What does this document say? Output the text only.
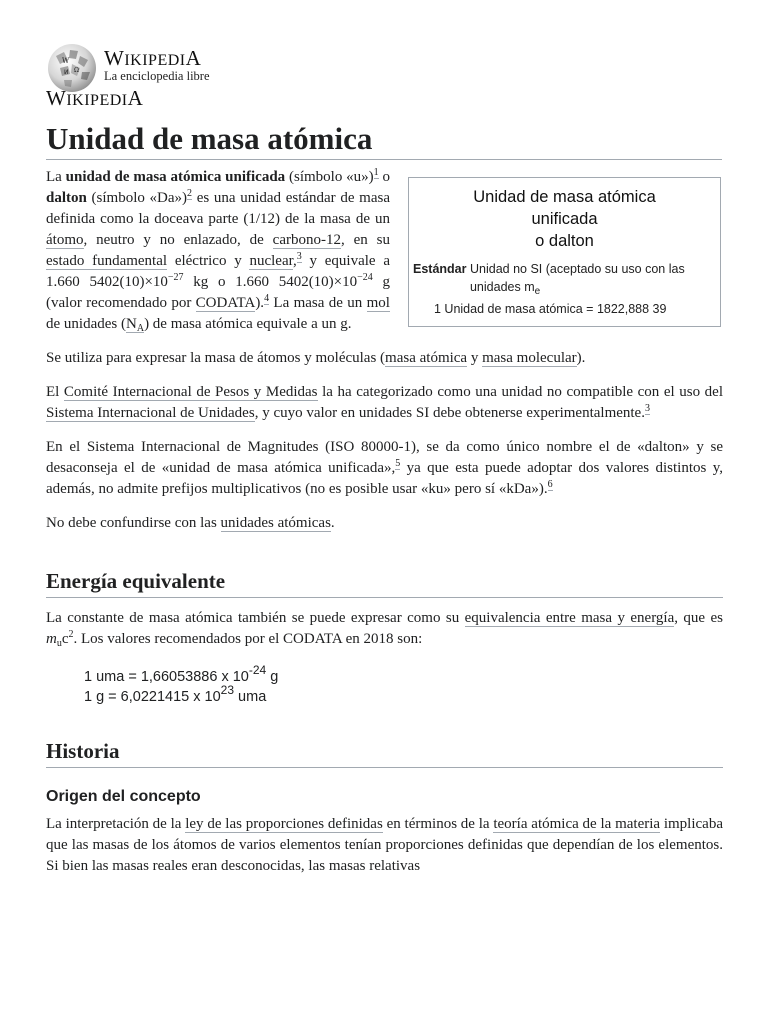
W
Ω
И
WIKIPEDIA
La enciclopedia libre
WIKIPEDIA
Unidad de masa atómica
Unidad de masa atómica
unificada
o dalton
Estándar Unidad no SI (aceptado su uso con las unidades $m_e$
1 Unidad de masa atómica = 1822,888 39

La unidad de masa atómica unificada (símbolo «u»)$^1$ o dalton (símbolo «Da»)$^2$ es una unidad estándar de masa definida como la doceava parte (1/12) de la masa de un átomo, neutro y no enlazado, de carbono-12, en su estado fundamental eléctrico y nuclear,$^3$ y equivale a 1.660 $5402(10)\times 10^{-27}$ kg o 1.660 $5402(10)\times 10^{-24}$ g (valor recomendado por CODATA).$^4$ La masa de un mol de unidades $(N_A)$ de masa atómica equivale a un g.

Se utiliza para expresar la masa de átomos y moléculas (masa atómica y masa molecular).

El Comité Internacional de Pesos y Medidas la ha categorizado como una unidad no compatible con el uso del Sistema Internacional de Unidades, y cuyo valor en unidades SI debe obtenerse experimentalmente.$^3$

En el Sistema Internacional de Magnitudes (ISO 80000-1), se da como único nombre el de «dalton» y se desaconseja el de «unidad de masa atómica unificada»,$^5$ ya que esta puede adoptar dos valores distintos y, además, no admite prefijos multiplicativos (no es posible usar «ku» pero sí «kDa»).$^6$

No debe confundirse con las unidades atómicas.

Energía equivalente

La constante de masa atómica también se puede expresar como su equivalencia entre masa y energía, que es $m_uc^2$. Los valores recomendados por el CODATA en 2018 son:

1 uma = 1,66053886 x $10^{-24}$ g
1 g = 6,0221415 x $10^{23}$ uma
Historia
Origen del concepto

La interpretación de la ley de las proporciones definidas en términos de la teoría atómica de la materia implicaba que las masas de los átomos de varios elementos tenían proporciones definidas que dependían de los elementos. Si bien las masas reales eran desconocidas, las masas relativas
